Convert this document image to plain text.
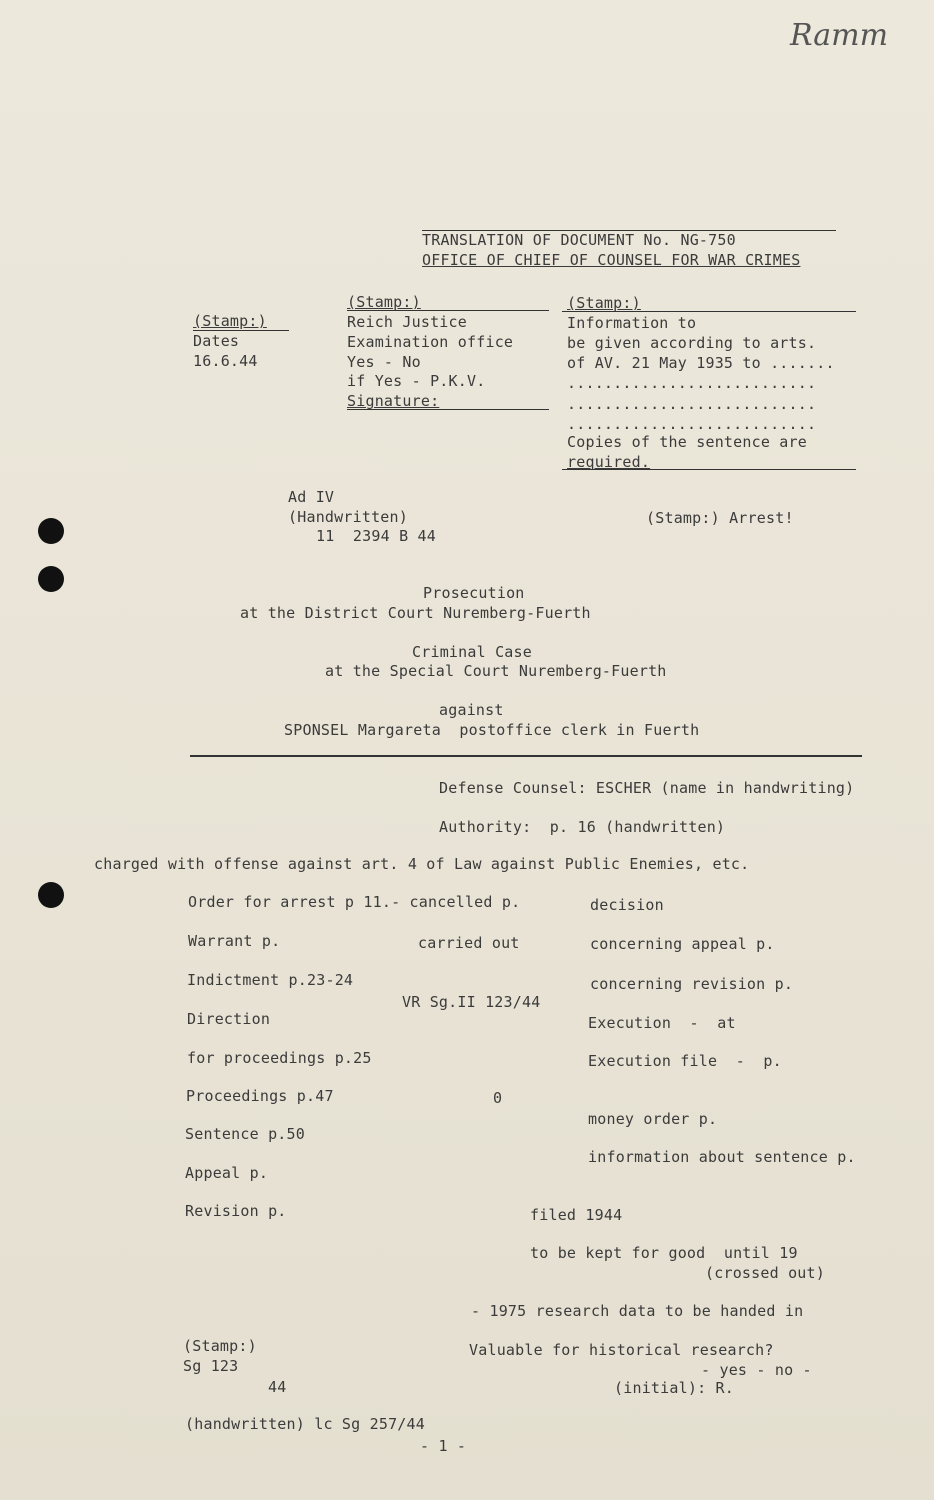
Ramm
TRANSLATION OF DOCUMENT No. NG-750
OFFICE OF CHIEF OF COUNSEL FOR WAR CRIMES
(Stamp:)
Dates
16.6.44
(Stamp:)
Reich Justice
Examination office
Yes - No
if Yes - P.K.V.
Signature:
(Stamp:)
Information to
be given according to arts.
of AV. 21 May 1935 to .......
...........................
...........................
...........................
Copies of the sentence are
required.
Ad IV
(Handwritten)
11  2394 B 44
(Stamp:) Arrest!
Prosecution
at the District Court Nuremberg-Fuerth
Criminal Case
at the Special Court Nuremberg-Fuerth
against
SPONSEL Margareta  postoffice clerk in Fuerth
Defense Counsel: ESCHER (name in handwriting)
Authority:  p. 16 (handwritten)
charged with offense against art. 4 of Law against Public Enemies, etc.
Order for arrest p 11.- cancelled p.
Warrant p.
Indictment p.23-24
Direction
for proceedings p.25
Proceedings p.47
Sentence p.50
Appeal p.
Revision p.
carried out
VR Sg.II 123/44
0
decision
concerning appeal p.
concerning revision p.
Execution  -  at
Execution file  -  p.
money order p.
information about sentence p.
filed 1944
to be kept for good  until 19
(crossed out)
- 1975 research data to be handed in
Valuable for historical research?
- yes - no -
(initial): R.
(Stamp:)
Sg 123
44
(handwritten) lc Sg 257/44
- 1 -
